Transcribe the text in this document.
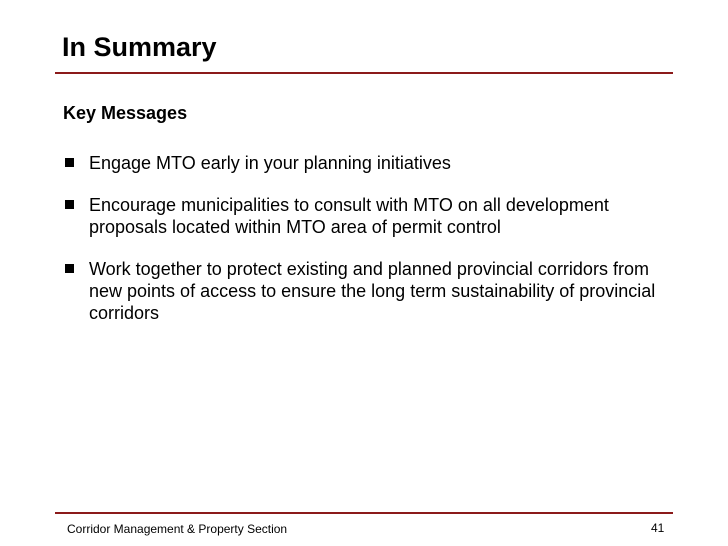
In Summary
Key Messages
Engage MTO early in your planning initiatives
Encourage municipalities to consult with MTO on all development proposals located within MTO area of permit control
Work together to protect existing and planned provincial corridors from new points of access to ensure the long term sustainability of provincial corridors
Corridor Management & Property Section	41
